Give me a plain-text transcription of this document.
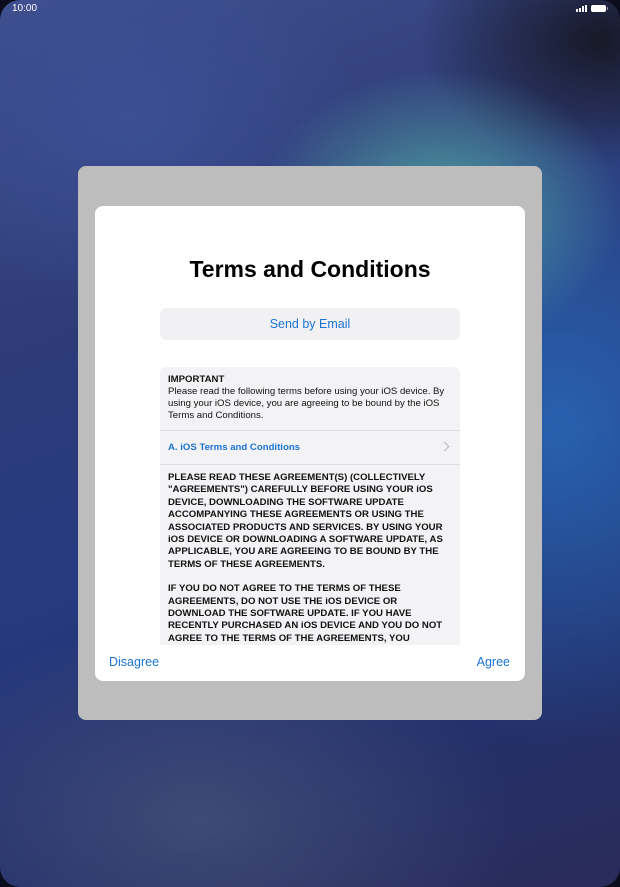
10:00
Terms and Conditions
Send by Email
IMPORTANT
Please read the following terms before using your iOS device. By using your iOS device, you are agreeing to be bound by the iOS Terms and Conditions.
A. iOS Terms and Conditions

PLEASE READ THESE AGREEMENT(S) (COLLECTIVELY "AGREEMENTS") CAREFULLY BEFORE USING YOUR iOS DEVICE, DOWNLOADING THE SOFTWARE UPDATE ACCOMPANYING THESE AGREEMENTS OR USING THE ASSOCIATED PRODUCTS AND SERVICES. BY USING YOUR iOS DEVICE OR DOWNLOADING A SOFTWARE UPDATE, AS APPLICABLE, YOU ARE AGREEING TO BE BOUND BY THE TERMS OF THESE AGREEMENTS.

IF YOU DO NOT AGREE TO THE TERMS OF THESE AGREEMENTS, DO NOT USE THE iOS DEVICE OR DOWNLOAD THE SOFTWARE UPDATE. IF YOU HAVE RECENTLY PURCHASED AN iOS DEVICE AND YOU DO NOT AGREE TO THE TERMS OF THE AGREEMENTS, YOU

Disagree	Agree
